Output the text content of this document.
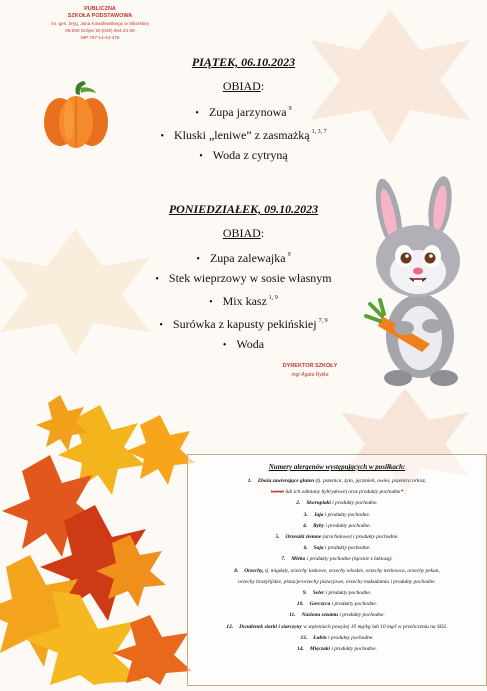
PUBLICZNA
SZKOŁA PODSTAWOWA
im. gen. bryg. Jana Kowalewskiego w Sikorskiej
05-600 Grójec tel.(048) 664-24-29
NIP 797-14-44-476
PIĄTEK, 06.10.2023
OBIAD:
• Zupa jarzynowa $^9$
• Kluski „leniwe” z zasmażką $^{1, 3, 7}$
• Woda z cytryną
PONIEDZIAŁEK, 09.10.2023
OBIAD:
• Zupa zalewajka $^9$
• Stek wieprzowy w sosie własnym
• Mix kasz $^{1, 9}$
• Surówka z kapusty pekińskiej $^{7, 9}$
• Woda
DYREKTOR SZKOŁY
mgr Agata Rytka
Numery alergenów występujących w posiłkach:
1. Zboża zawierające gluten (tj. pszenica, żyto, jęczmień, owies, pszenica orkisz,
kamut lub ich odmiany hybrydowe) oraz produkty pochodne*
2. Skorupiaki i produkty pochodne.
3. Jaja i produkty pochodne.
4. Ryby i produkty pochodne.
5. Orzeszki ziemne (arachidowe) i produkty pochodne.
6. Soja i produkty pochodne.
7. Mleko i produkty pochodne (łącznie z laktozą).
8. Orzechy, tj. migdały, orzechy laskowe, orzechy włoskie, orzechy nerkowca, orzechy pekan,
orzechy brazylijskie, pistacje/orzechy pistacjowe, orzechy makadamia i produkty pochodne.
9. Seler i produkty pochodne.
10. Gorczyca i produkty pochodne.
11. Nasiona sezamu i produkty pochodne.
12. Dwutlenek siarki i siarczyny w stężeniach powyżej 10 mg/kg lub 10 mg/l w przeliczeniu na SO2.
13. Łubin i produkty pochodne.
14. Mięczaki i produkty pochodne.
